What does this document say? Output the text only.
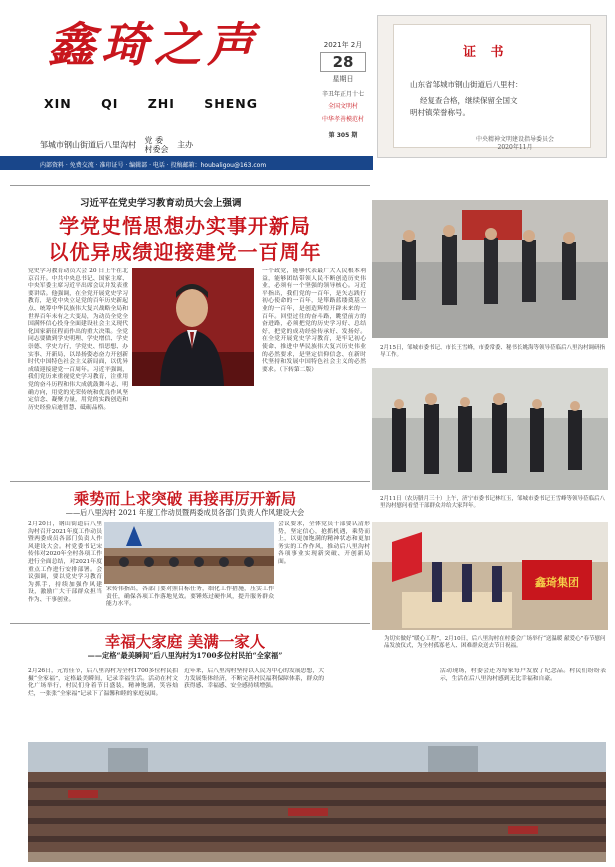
鑫琦之声
XIN QI ZHI SHENG
邹城市钢山街道后八里沟村 党 委
村委会 主办
2021年 2月
28
星期日
辛丑年正月十七
全国文明村
中华孝善模范村
第 305 期
证 书
山东省邹城市钢山街道后八里村：
经复查合格，继续保留全国文
明村镇荣誉称号。
中央精神文明建设指导委员会
2020年11月
内部资料 · 免费交流 · 准印证号 · 编辑部 · 电话 · 投稿邮箱：houbaligou@163.com
习近平在党史学习教育动员大会上强调
学党史悟思想办实事开新局
以优异成绩迎接建党一百周年
党史学习教育动员大会 20 日上午在北京召开。中共中央总书记、国家主席、中央军委主席习近平出席会议并发表重要讲话。他强调，在全党开展党史学习教育，是党中央立足党的百年历史新起点、统筹中华民族伟大复兴战略全局和世界百年未有之大变局，为动员全党全国满怀信心投身全面建设社会主义现代化国家新征程而作出的重大决策。全党同志要做到学史明理、学史增信、学史崇德、学史力行，学党史、悟思想、办实事、开新局，以昂扬姿态奋力开创新时代中国特色社会主义新局面，以优异成绩迎接建党一百周年。习近平强调，我们党历来重视党史学习教育，注重用党的奋斗历程和伟大成就鼓舞斗志、明确方向，用党的光荣传统和优良作风坚定信念、凝聚力量，用党的实践创造和历史经验启迪智慧、砥砺品格。
一个政党，能够代表最广大人民根本利益，能够团结带领人民不断创造历史伟业，必须有一个坚强的领导核心。习近平指出，我们党的一百年，是矢志践行初心使命的一百年，是筚路蓝缕奠基立业的一百年，是创造辉煌开辟未来的一百年。回望过往的奋斗路，眺望前方的奋进路，必须把党的历史学习好、总结好，把党的成功经验传承好、发扬好。在全党开展党史学习教育，是牢记初心使命、推进中华民族伟大复兴历史伟业的必然要求，是坚定信仰信念、在新时代坚持和发展中国特色社会主义的必然要求。（下转第二版）
2月15日，邹城市委书记、市长王雪峰，市委常委、秘书长姚海等领导莅临后八里沟村调研指导工作。
2月11日（农历腊月三十）上午，济宁市委书记林红玉，邹城市委书记王雪峰等领导莅临后八里沟村慰问看望干部群众并给大家拜年。
鑫琦集团
为切实做好“暖心工程”，2月10日，后八里沟村在村委会广场举行“送温暖 献爱心”春节慰问品发放仪式，为全村孤寡老人、困难群众送去节日祝福。
乘势而上求突破 再接再厉开新局
——后八里沟村 2021 年度工作动员暨两委成员各部门负责人作风建设大会
2月20日，钢山街道后八里沟村召开2021年度工作动员暨两委成员各部门负责人作风建设大会。村党委书记宋传伟对2020年全村各项工作进行全面总结，对2021年度重点工作进行安排部署。会议强调，要以党史学习教育为抓手，持续加强作风建设，激励广大干部群众担当作为、干事创业。
宋传伟指出，各部门要对照目标任务，细化工作措施，压实工作责任，确保各项工作落地见效。要锤炼过硬作风，提升服务群众能力水平。
会议要求，全体党员干部要认清形势，坚定信心，抢抓机遇，乘势而上，以更加饱满的精神状态和更加务实的工作作风，推动后八里沟村各项事业实现新突破、开创新局面。
幸福大家庭 美满一家人
——定格“最美瞬间”后八里沟村为1700多位村民拍“全家福”
2月26日，元宵佳节，后八里沟村为全村1700多位村民拍摄“全家福”，定格最美瞬间，记录幸福生活。活动在村文化广场举行，村民们身着节日盛装，精神饱满，笑容灿烂，一张张“全家福”记录下了温馨和睦的家庭氛围。
近年来，后八里沟村坚持以人民为中心的发展思想，大力发展集体经济，不断完善村民福利保障体系，群众的获得感、幸福感、安全感持续增强。
活动现场，村委会还为每家每户发放了纪念品。村民们纷纷表示，生活在后八里沟村感到无比幸福和自豪。
